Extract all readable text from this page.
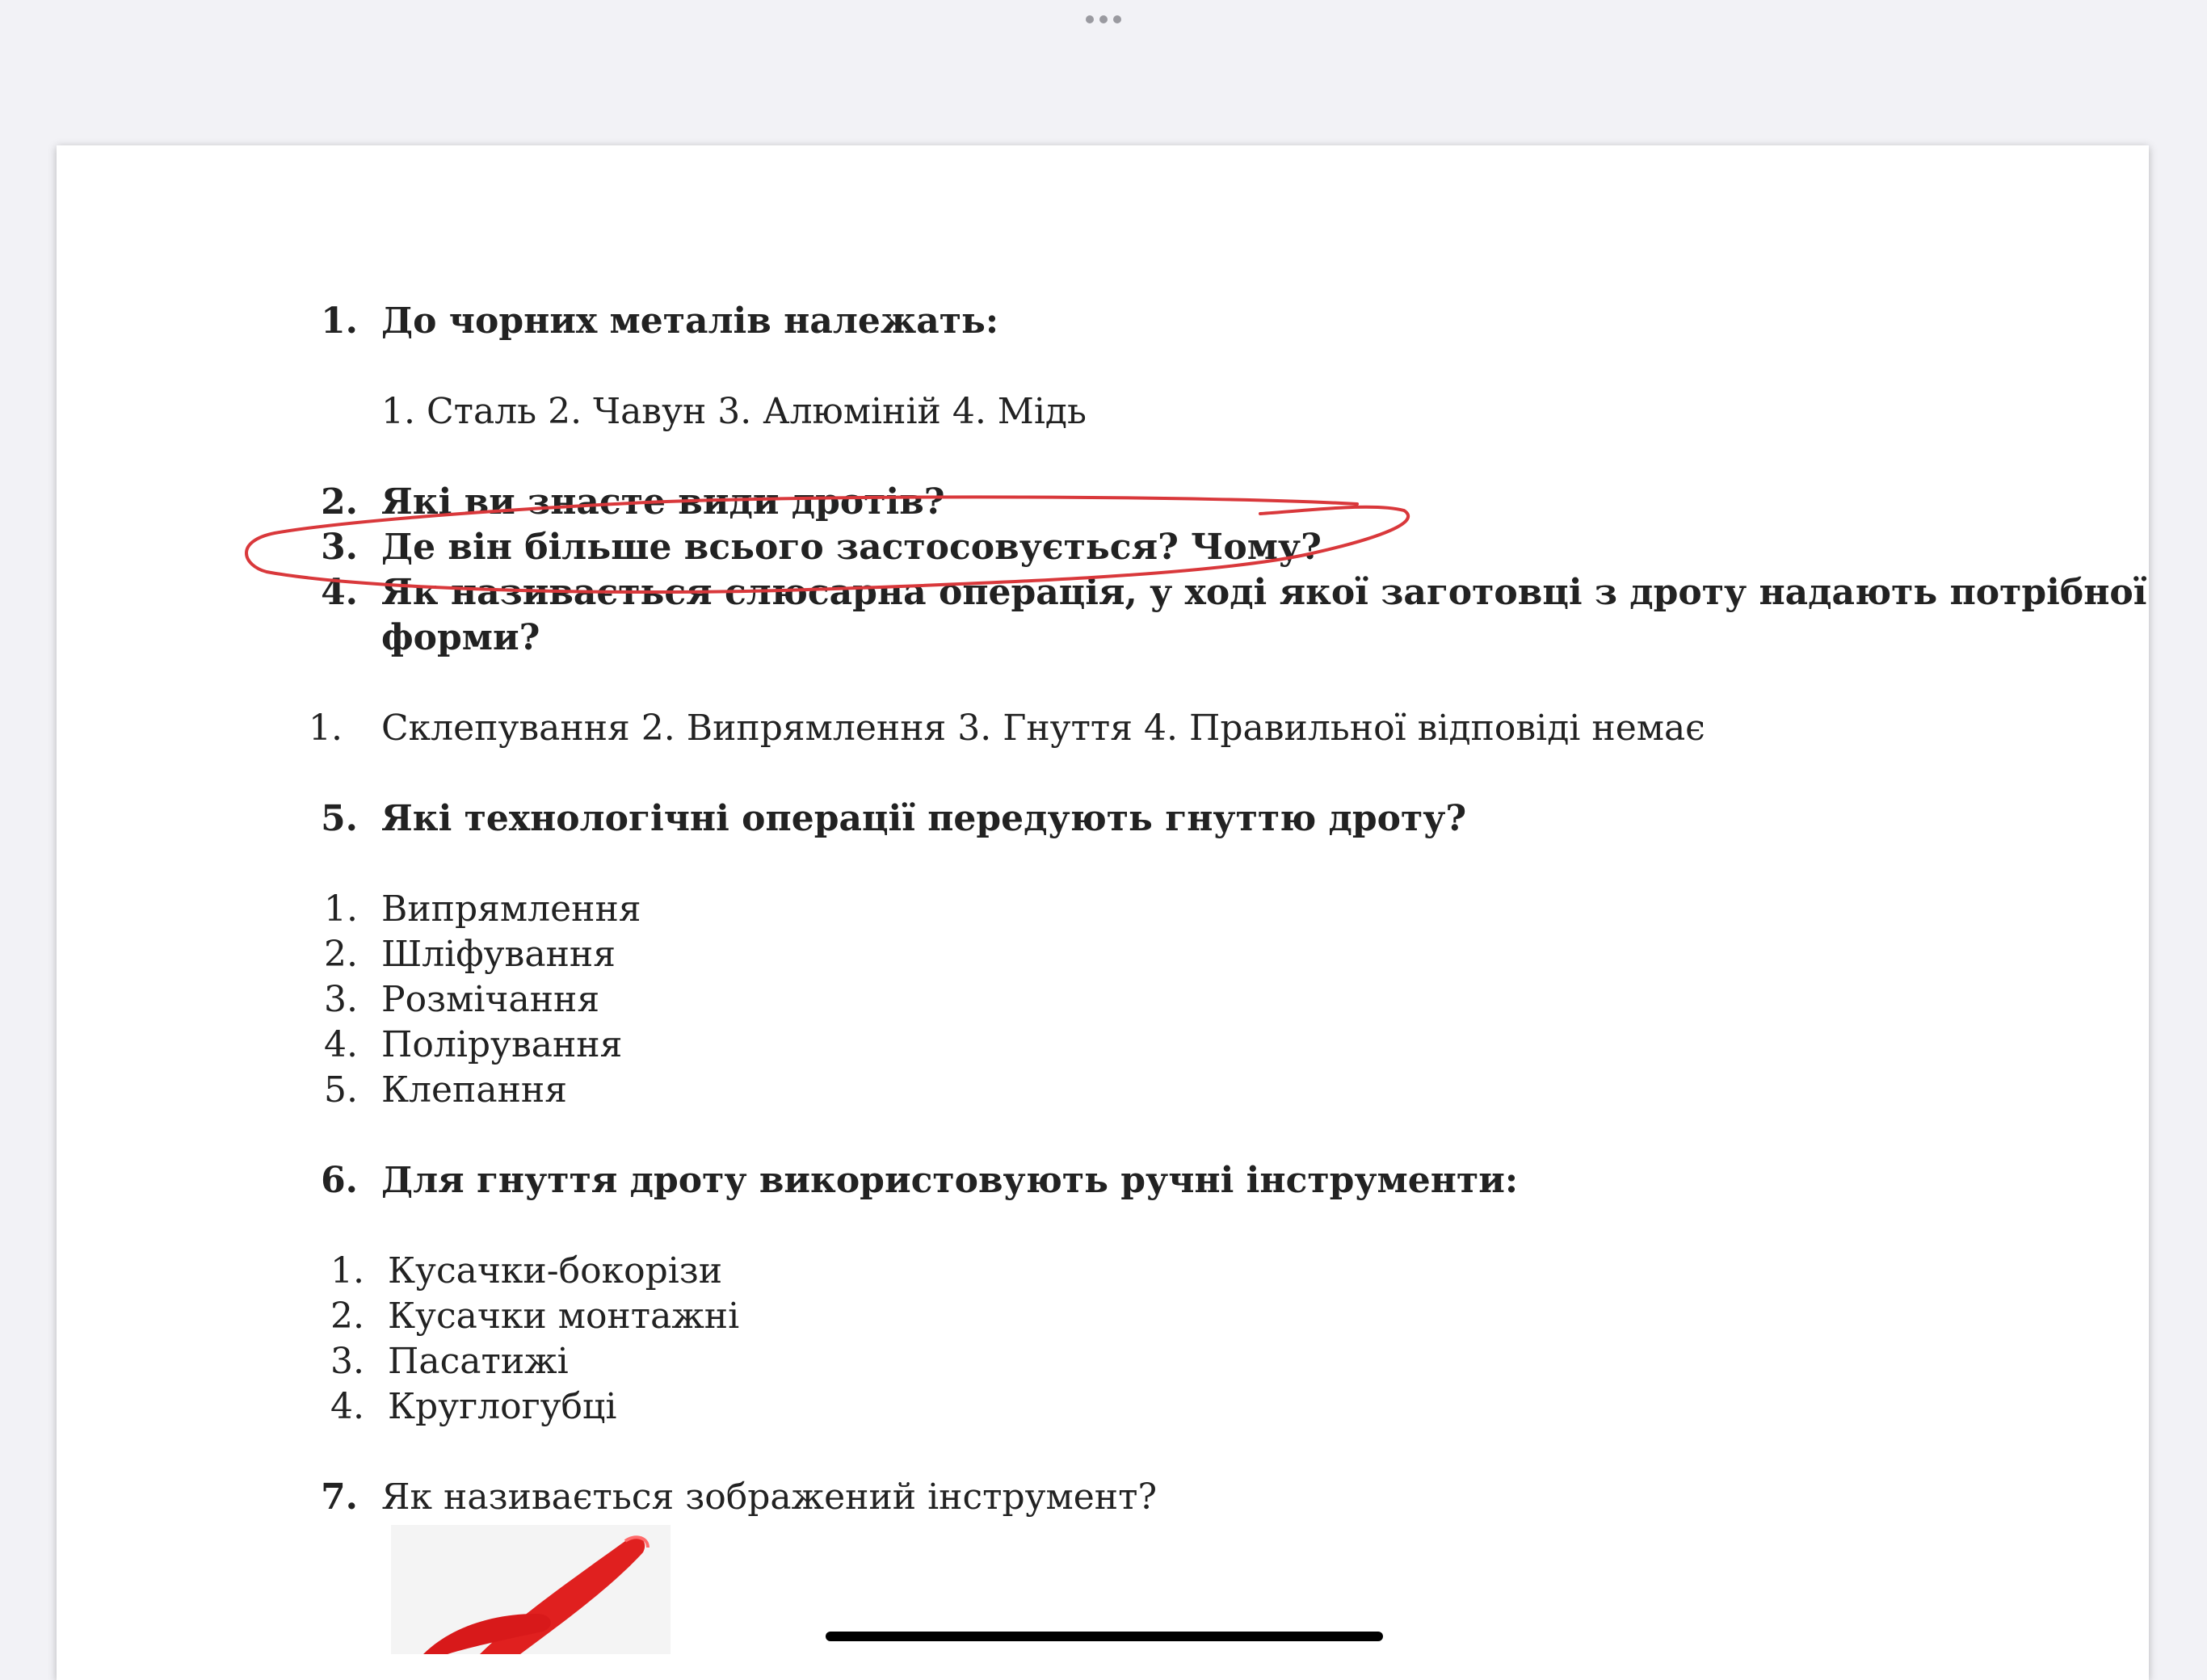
1. До чорних металів належать:
1. Сталь 2. Чавун 3. Алюміній 4. Мідь
2. Які ви знаєте види дротів?
3. Де він більше всього застосовується? Чому?
4. Як називається слюсарна операція, у ході якої заготовці з дроту надають потрібної
форми?
1. Склепування 2. Випрямлення 3. Гнуття 4. Правильної відповіді немає
5. Які технологічні операції передують гнуттю дроту?
1. Випрямлення
2. Шліфування
3. Розмічання
4. Полірування
5. Клепання
6. Для гнуття дроту використовують ручні інструменти:
1. Кусачки-бокорізи
2. Кусачки монтажні
3. Пасатижі
4. Круглогубці
7. Як називається зображений інструмент?
